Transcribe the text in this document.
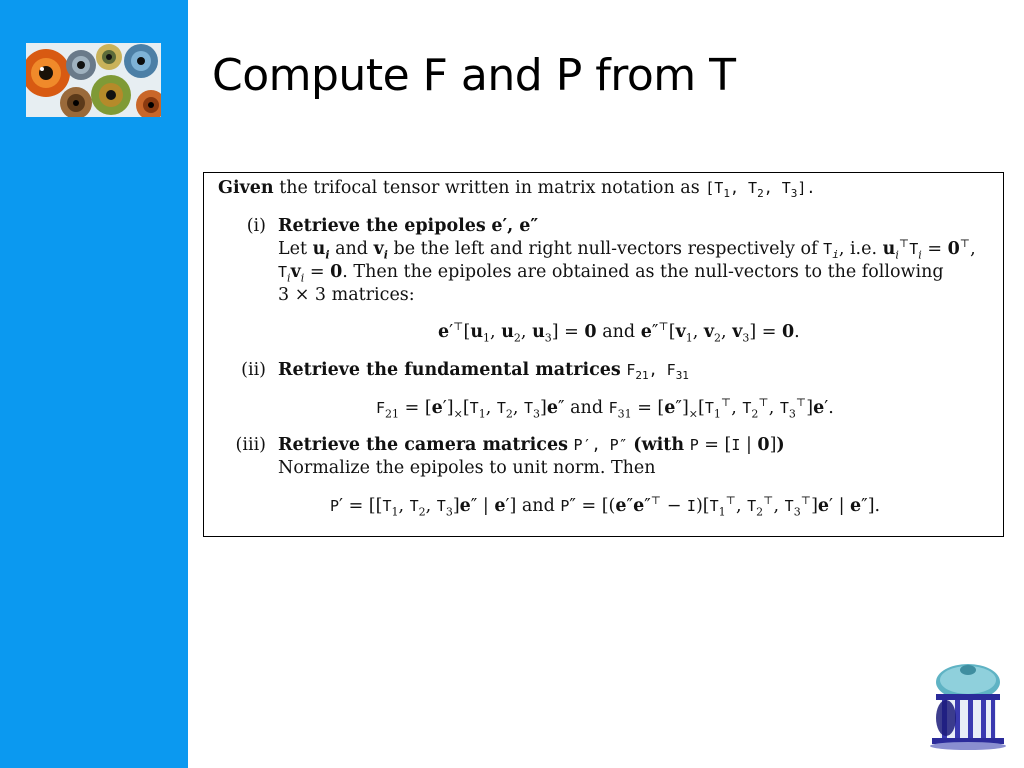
Compute F and P from T
Given the trifocal tensor written in matrix notation as [$T_1$, $T_2$, $T_3$].
(i) Retrieve the epipoles e′, e″
Let $u_i$ and $v_i$ be the left and right null-vectors respectively of $T_i$, i.e. $u_i^⊤T_i = 0^⊤$,
$T_iv_i = 0$. Then the epipoles are obtained as the null-vectors to the following
3 × 3 matrices:
$e'^⊤[u_1$, $u_2$, $u_3] = 0$ and $e''^⊤[v_1$, $v_2$, $v_3] = 0$.
(ii) Retrieve the fundamental matrices $F_{21}$, $F_{31}$
$F_{21} = [e']_\times[T_1$, $T_2$, $T_3]e''$ and $F_{31} = [e'']_\times[T_1^⊤$, $T_2^⊤$, $T_3^⊤]e'$.
(iii) Retrieve the camera matrices P′, P″ (with P = [I | 0])
Normalize the epipoles to unit norm. Then
$P' = [[T_1$, $T_2$, $T_3]e''$ | e′] and $P'' = [(e''e''^⊤ - I)[T_1^⊤$, $T_2^⊤$, $T_3^⊤]e'$ | e″].
